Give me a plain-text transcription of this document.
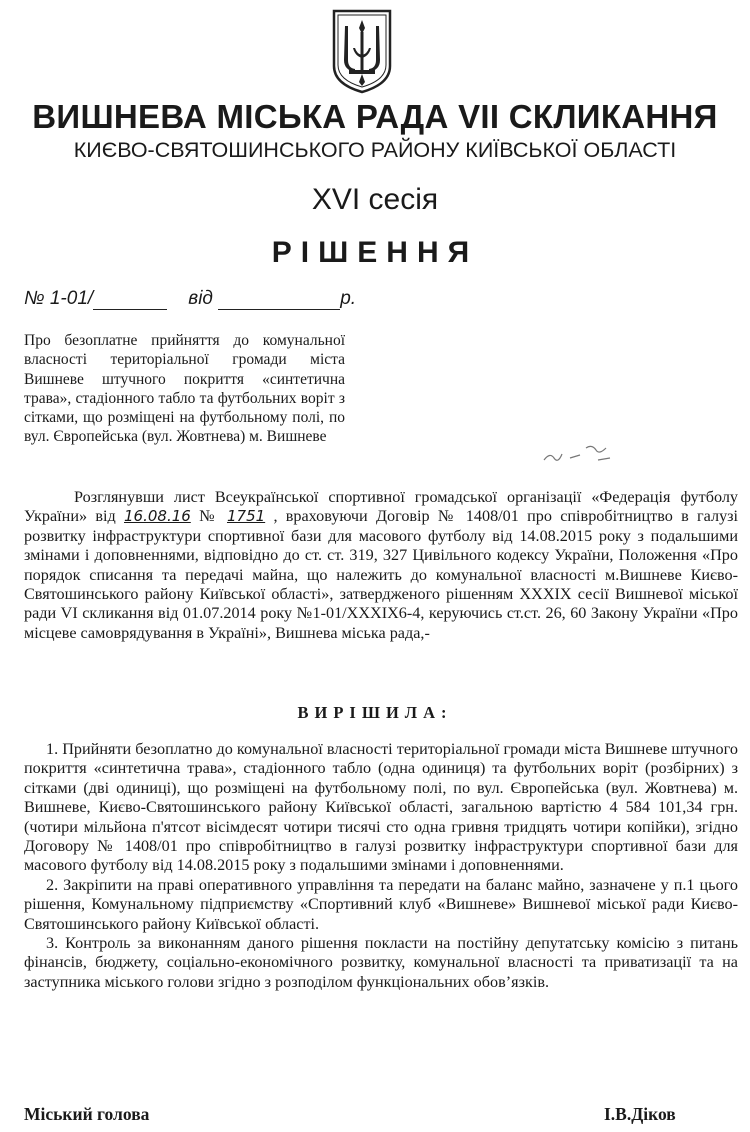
ВИШНЕВА МІСЬКА РАДА VII СКЛИКАННЯ
КИЄВО-СВЯТОШИНСЬКОГО РАЙОНУ КИЇВСЬКОЇ ОБЛАСТІ
XVI сесія
РІШЕННЯ
№ 1-01/	від	р.
Про безоплатне прийняття до комунальної власності територіальної громади міста Вишневе штучного покриття «синтетична трава», стадіонного табло та футбольних воріт з сітками, що розміщені на футбольному полі, по вул. Європейська (вул. Жовтнева) м. Вишневе
Розглянувши лист Всеукраїнської спортивної громадської організації «Федерація футболу України» від 16.08.16 № 1751 , враховуючи Договір № 1408/01 про співробітництво в галузі розвитку інфраструктури спортивної бази для масового футболу від 14.08.2015 року з подальшими змінами і доповненнями, відповідно до ст. ст. 319, 327 Цивільного кодексу України, Положення «Про порядок списання та передачі майна, що належить до комунальної власності м.Вишневе Києво-Святошинського району Київської області», затвердженого рішенням XXXIX сесії Вишневої міської ради VI скликання від 01.07.2014 року №1-01/XXXIX6-4, керуючись ст.ст. 26, 60 Закону України «Про місцеве самоврядування в Україні», Вишнева міська рада,-
ВИРІШИЛА:

1. Прийняти безоплатно до комунальної власності територіальної громади міста Вишневе штучного покриття «синтетична трава», стадіонного табло (одна одиниця) та футбольних воріт (розбірних) з сітками (дві одиниці), що розміщені на футбольному полі, по вул. Європейська (вул. Жовтнева) м. Вишневе, Києво-Святошинського району Київської області, загальною вартістю 4 584 101,34 грн. (чотири мільйона п'ятсот вісімдесят чотири тисячі сто одна гривня тридцять чотири копійки), згідно Договору № 1408/01 про співробітництво в галузі розвитку інфраструктури спортивної бази для масового футболу від 14.08.2015 року з подальшими змінами і доповненнями.

2. Закріпити на праві оперативного управління та передати на баланс майно, зазначене у п.1 цього рішення, Комунальному підприємству «Спортивний клуб «Вишневе» Вишневої міської ради Києво-Святошинського району Київської області.

3. Контроль за виконанням даного рішення покласти на постійну депутатську комісію з питань фінансів, бюджету, соціально-економічного розвитку, комунальної власності та приватизації та на заступника міського голови згідно з розподілом функціональних обов’язків.

Міський голова	І.В.Діков
